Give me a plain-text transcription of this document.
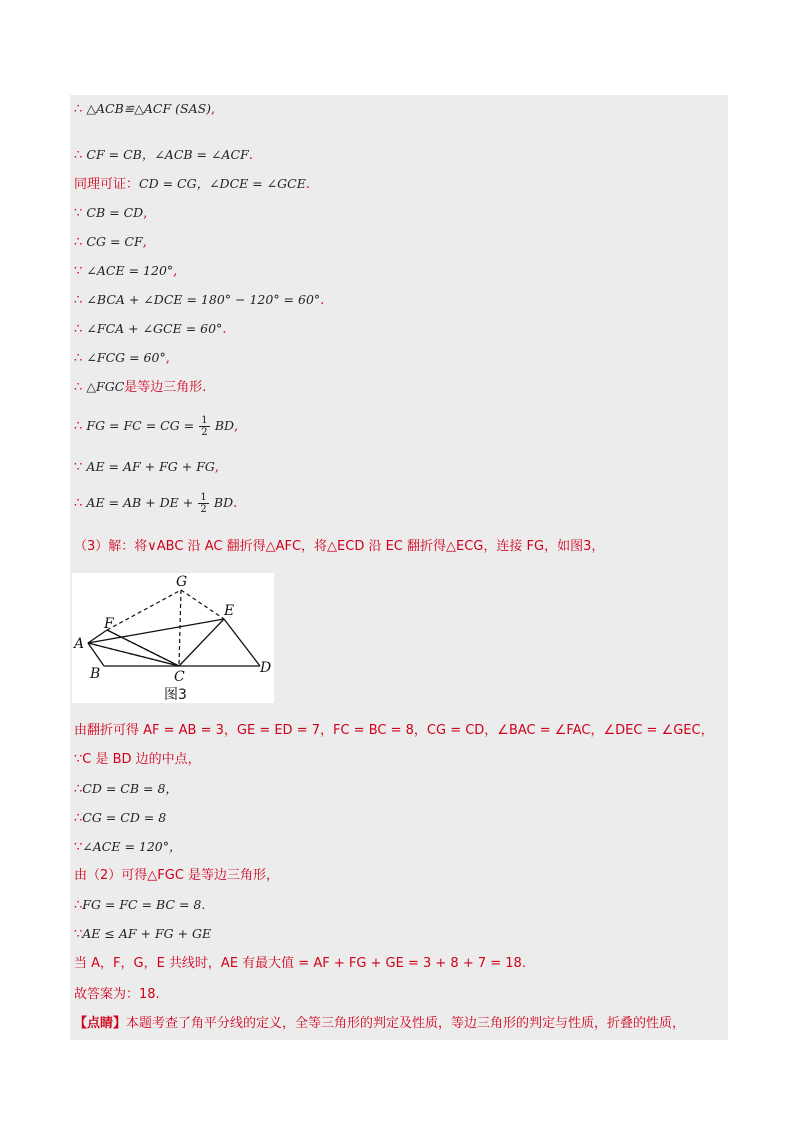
∴ △ACB≌△ACF (SAS),
∴ CF = CB，∠ACB = ∠ACF.
同理可证：CD = CG，∠DCE = ∠GCE.
∵ CB = CD,
∴ CG = CF,
∵ ∠ACE = 120°,
∴ ∠BCA + ∠DCE = 180° − 120° = 60°.
∴ ∠FCA + ∠GCE = 60°.
∴ ∠FCG = 60°,
∴ △FGC是等边三角形.
∴ FG = FC = CG = $\frac{1}{2}$ BD,
∵ AE = AF + FG + FG,
∴ AE = AB + DE + $\frac{1}{2}$ BD.
（3）解：将∨ABC 沿 AC 翻折得△AFC，将△ECD 沿 EC 翻折得△ECG，连接 FG，如图3，
G
E
F
A
B	C
D
图3
由翻折可得 AF = AB = 3，GE = ED = 7，FC = BC = 8，CG = CD，∠BAC = ∠FAC，∠DEC = ∠GEC，
∵C 是 BD 边的中点，
∴CD = CB = 8，
∴CG = CD = 8
∵∠ACE = 120°，
由（2）可得△FGC 是等边三角形，
∴FG = FC = BC = 8.
∵AE ≤ AF + FG + GE
当 A，F，G，E 共线时，AE 有最大值 = AF + FG + GE = 3 + 8 + 7 = 18.
故答案为：18.
【点睛】本题考查了角平分线的定义，全等三角形的判定及性质，等边三角形的判定与性质，折叠的性质，
